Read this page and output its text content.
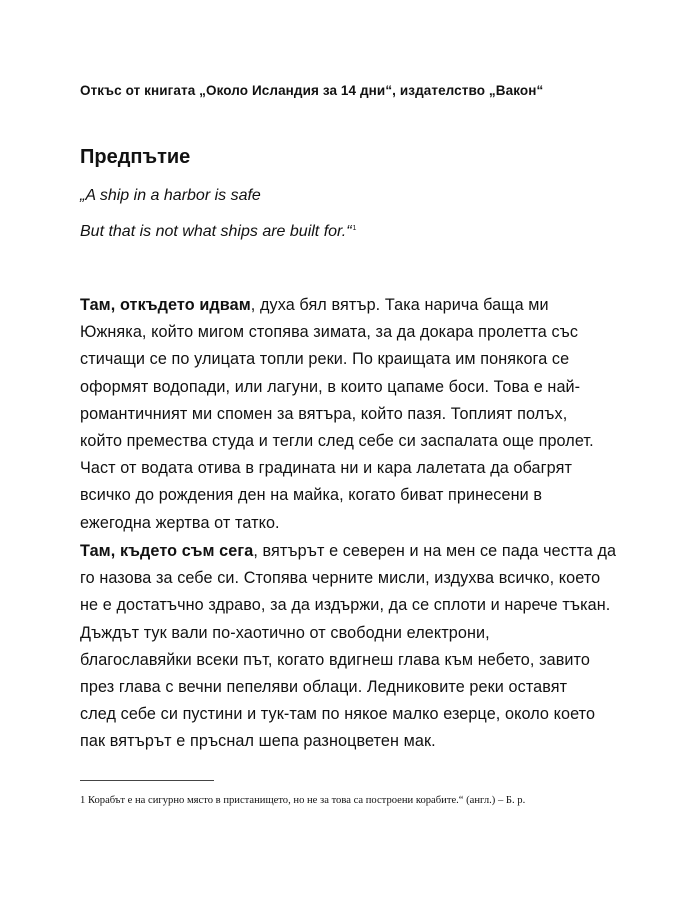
Откъс от книгата „Около Исландия за 14 дни“, издателство „Вакон“
Предпътие
„A ship in a harbor is safe
But that is not what ships are built for.“$^1$
Там, откъдето идвам, духа бял вятър. Така нарича баща ми
Южняка, който мигом стопява зимата, за да докара пролетта със
стичащи се по улицата топли реки. По краищата им понякога се
оформят водопади, или лагуни, в които цапаме боси. Това е най-
романтичният ми спомен за вятъра, който пазя. Топлият полъх,
който премества студа и тегли след себе си заспалата още пролет.
Част от водата отива в градината ни и кара лалетата да обагрят
всичко до рождения ден на майка, когато биват принесени в
ежегодна жертва от татко.
Там, където съм сега, вятърът е северен и на мен се пада честта да
го назова за себе си. Стопява черните мисли, издухва всичко, което
не е достатъчно здраво, за да издържи, да се сплоти и нарече тъкан.
Дъждът тук вали по-хаотично от свободни електрони,
благославяйки всеки път, когато вдигнеш глава към небето, завито
през глава с вечни пепеляви облаци. Ледниковите реки оставят
след себе си пустини и тук-там по някое малко езерце, около което
пак вятърът е пръснал шепа разноцветен мак.
1 Корабът е на сигурно място в пристанището, но не за това са построени корабите.“ (англ.) – Б. р.
